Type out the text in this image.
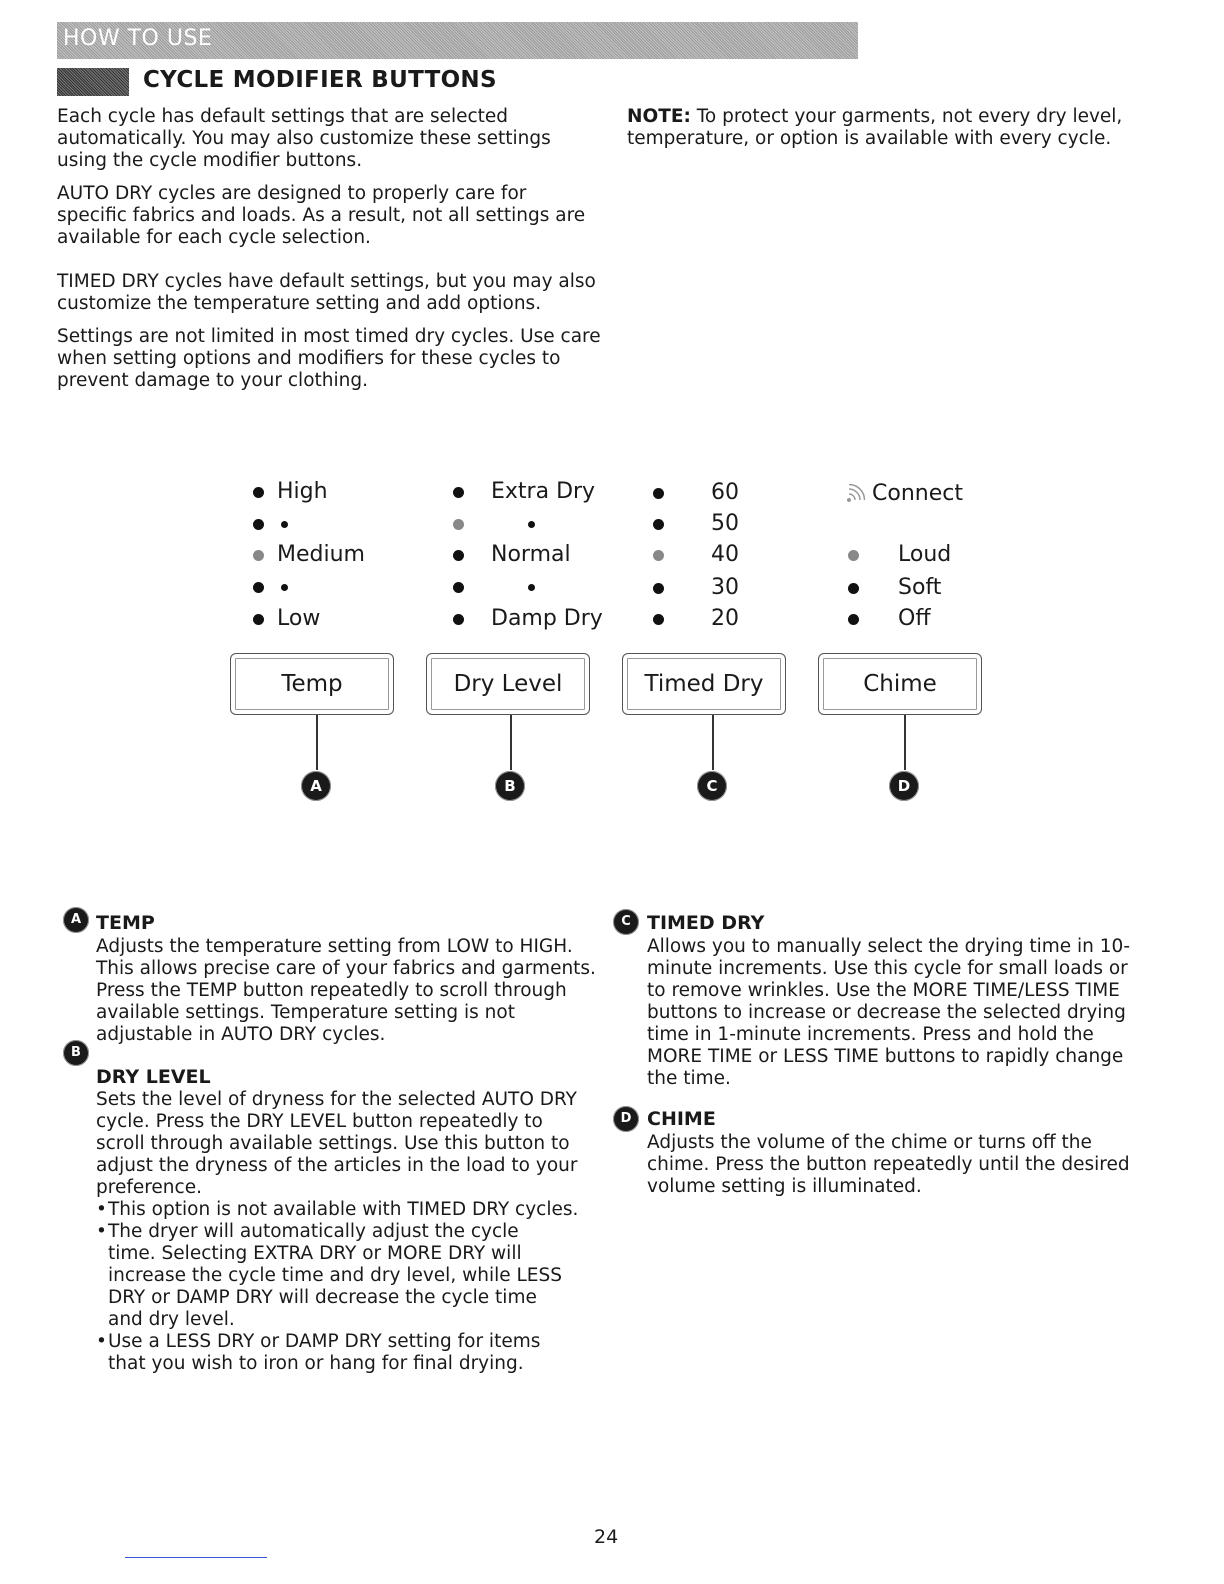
HOW TO USE
CYCLE MODIFIER BUTTONS

Each cycle has default settings that are selected automatically. You may also customize these settings using the cycle modifier buttons.

AUTO DRY cycles are designed to properly care for specific fabrics and loads. As a result, not all settings are available for each cycle selection.

TIMED DRY cycles have default settings, but you may also customize the temperature setting and add options.

Settings are not limited in most timed dry cycles. Use care when setting options and modifiers for these cycles to prevent damage to your clothing.

NOTE: To protect your garments, not every dry level, temperature, or option is available with every cycle.
High
Medium
Low
Extra Dry
Normal
Damp Dry
60
50
40
30
20
Connect
Loud
Soft
Off
Temp	Dry Level	Timed Dry	Chime
A	B	C	D
A TEMP
Adjusts the temperature setting from LOW to HIGH. This allows precise care of your fabrics and garments. Press the TEMP button repeatedly to scroll through available settings. Temperature setting is not adjustable in AUTO DRY cycles.
B
DRY LEVEL

Sets the level of dryness for the selected AUTO DRY cycle. Press the DRY LEVEL button repeatedly to scroll through available settings. Use this button to adjust the dryness of the articles in the load to your preference.

• This option is not available with TIMED DRY cycles.
• The dryer will automatically adjust the cycle time. Selecting EXTRA DRY or MORE DRY will increase the cycle time and dry level, while LESS DRY or DAMP DRY will decrease the cycle time and dry level.
• Use a LESS DRY or DAMP DRY setting for items that you wish to iron or hang for final drying.
C TIMED DRY
Allows you to manually select the drying time in 10-minute increments. Use this cycle for small loads or to remove wrinkles. Use the MORE TIME/LESS TIME buttons to increase or decrease the selected drying time in 1-minute increments. Press and hold the MORE TIME or LESS TIME buttons to rapidly change the time.
D CHIME
Adjusts the volume of the chime or turns off the chime. Press the button repeatedly until the desired volume setting is illuminated.
24
